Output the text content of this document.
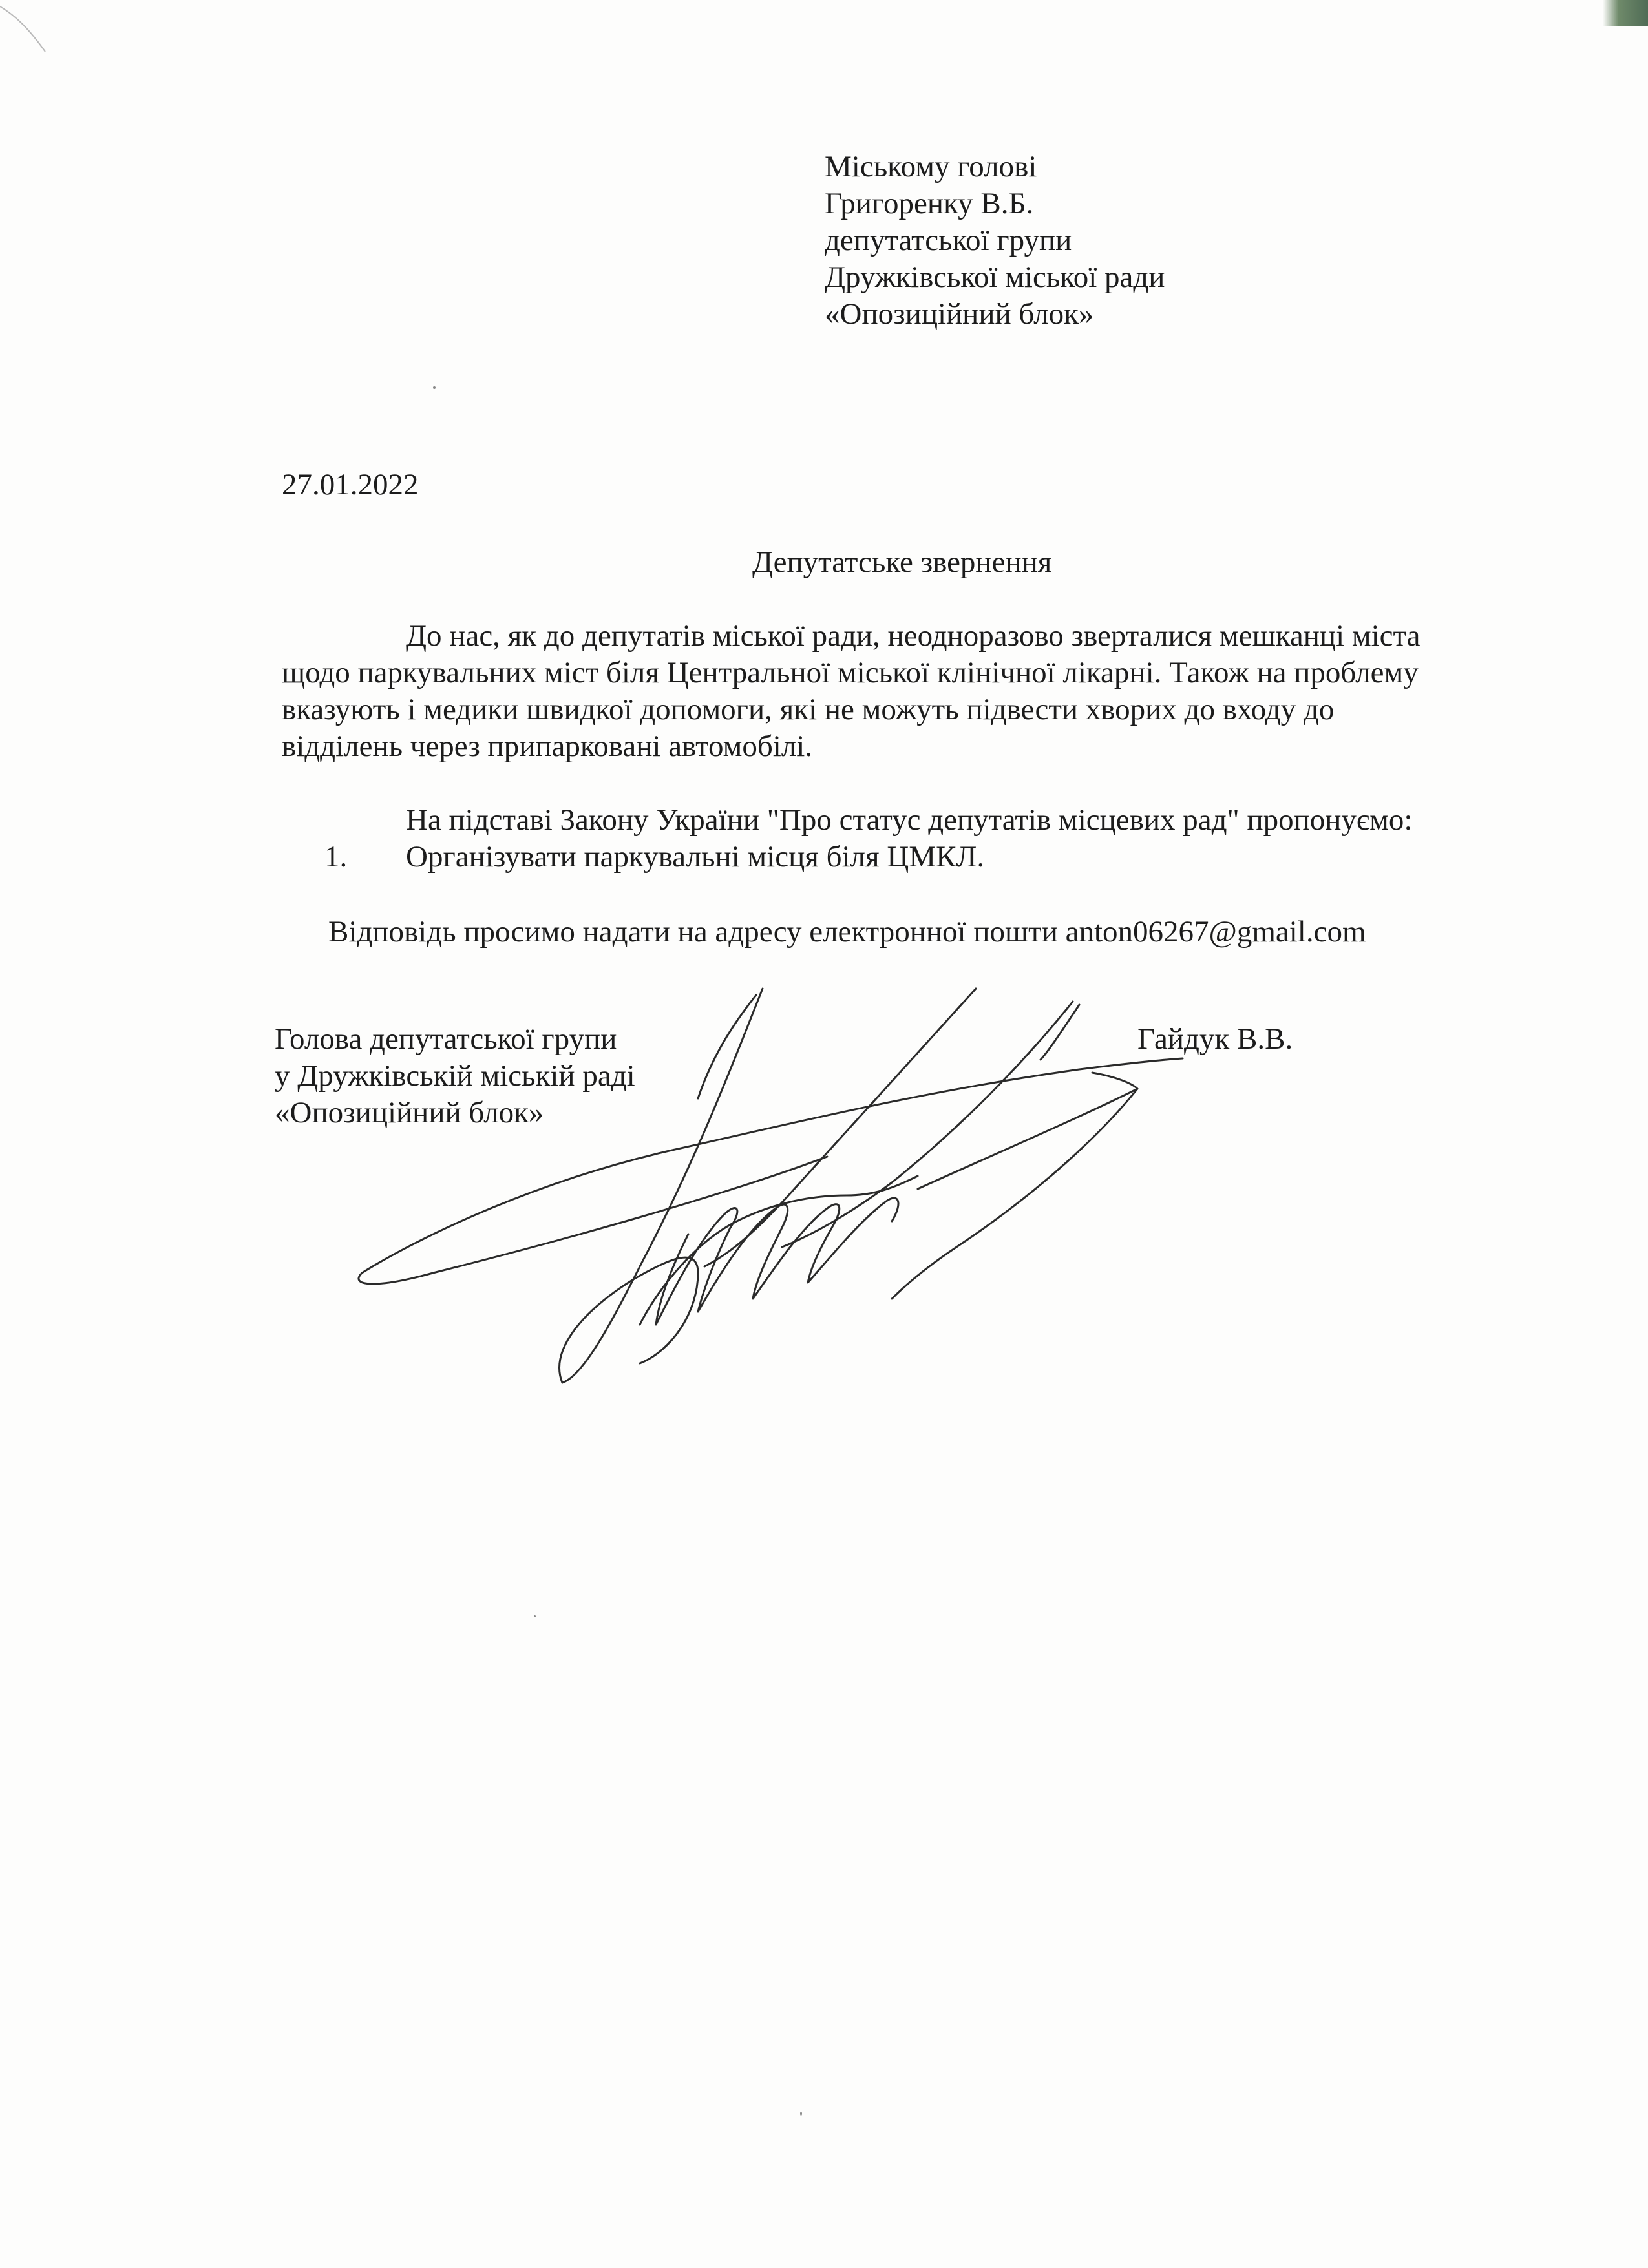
Міському голові
Григоренку В.Б.
депутатської групи
Дружківської міської ради
«Опозиційний блок»
27.01.2022
Депутатське звернення

До нас, як до депутатів міської ради, неодноразово зверталися мешканці міста

щодо паркувальних міст біля Центральної міської клінічної лікарні. Також на проблему

вказують і медики швидкої допомоги, які не можуть підвести хворих до входу до

відділень через припарковані автомобілі.

На підставі Закону України "Про статус депутатів місцевих рад" пропонуємо:

1.	Організувати паркувальні місця біля ЦМКЛ.
Відповідь просимо надати на адресу електронної пошти anton06267@gmail.com
Голова депутатської групи
у Дружківській міській раді
«Опозиційний блок»
Гайдук В.В.
